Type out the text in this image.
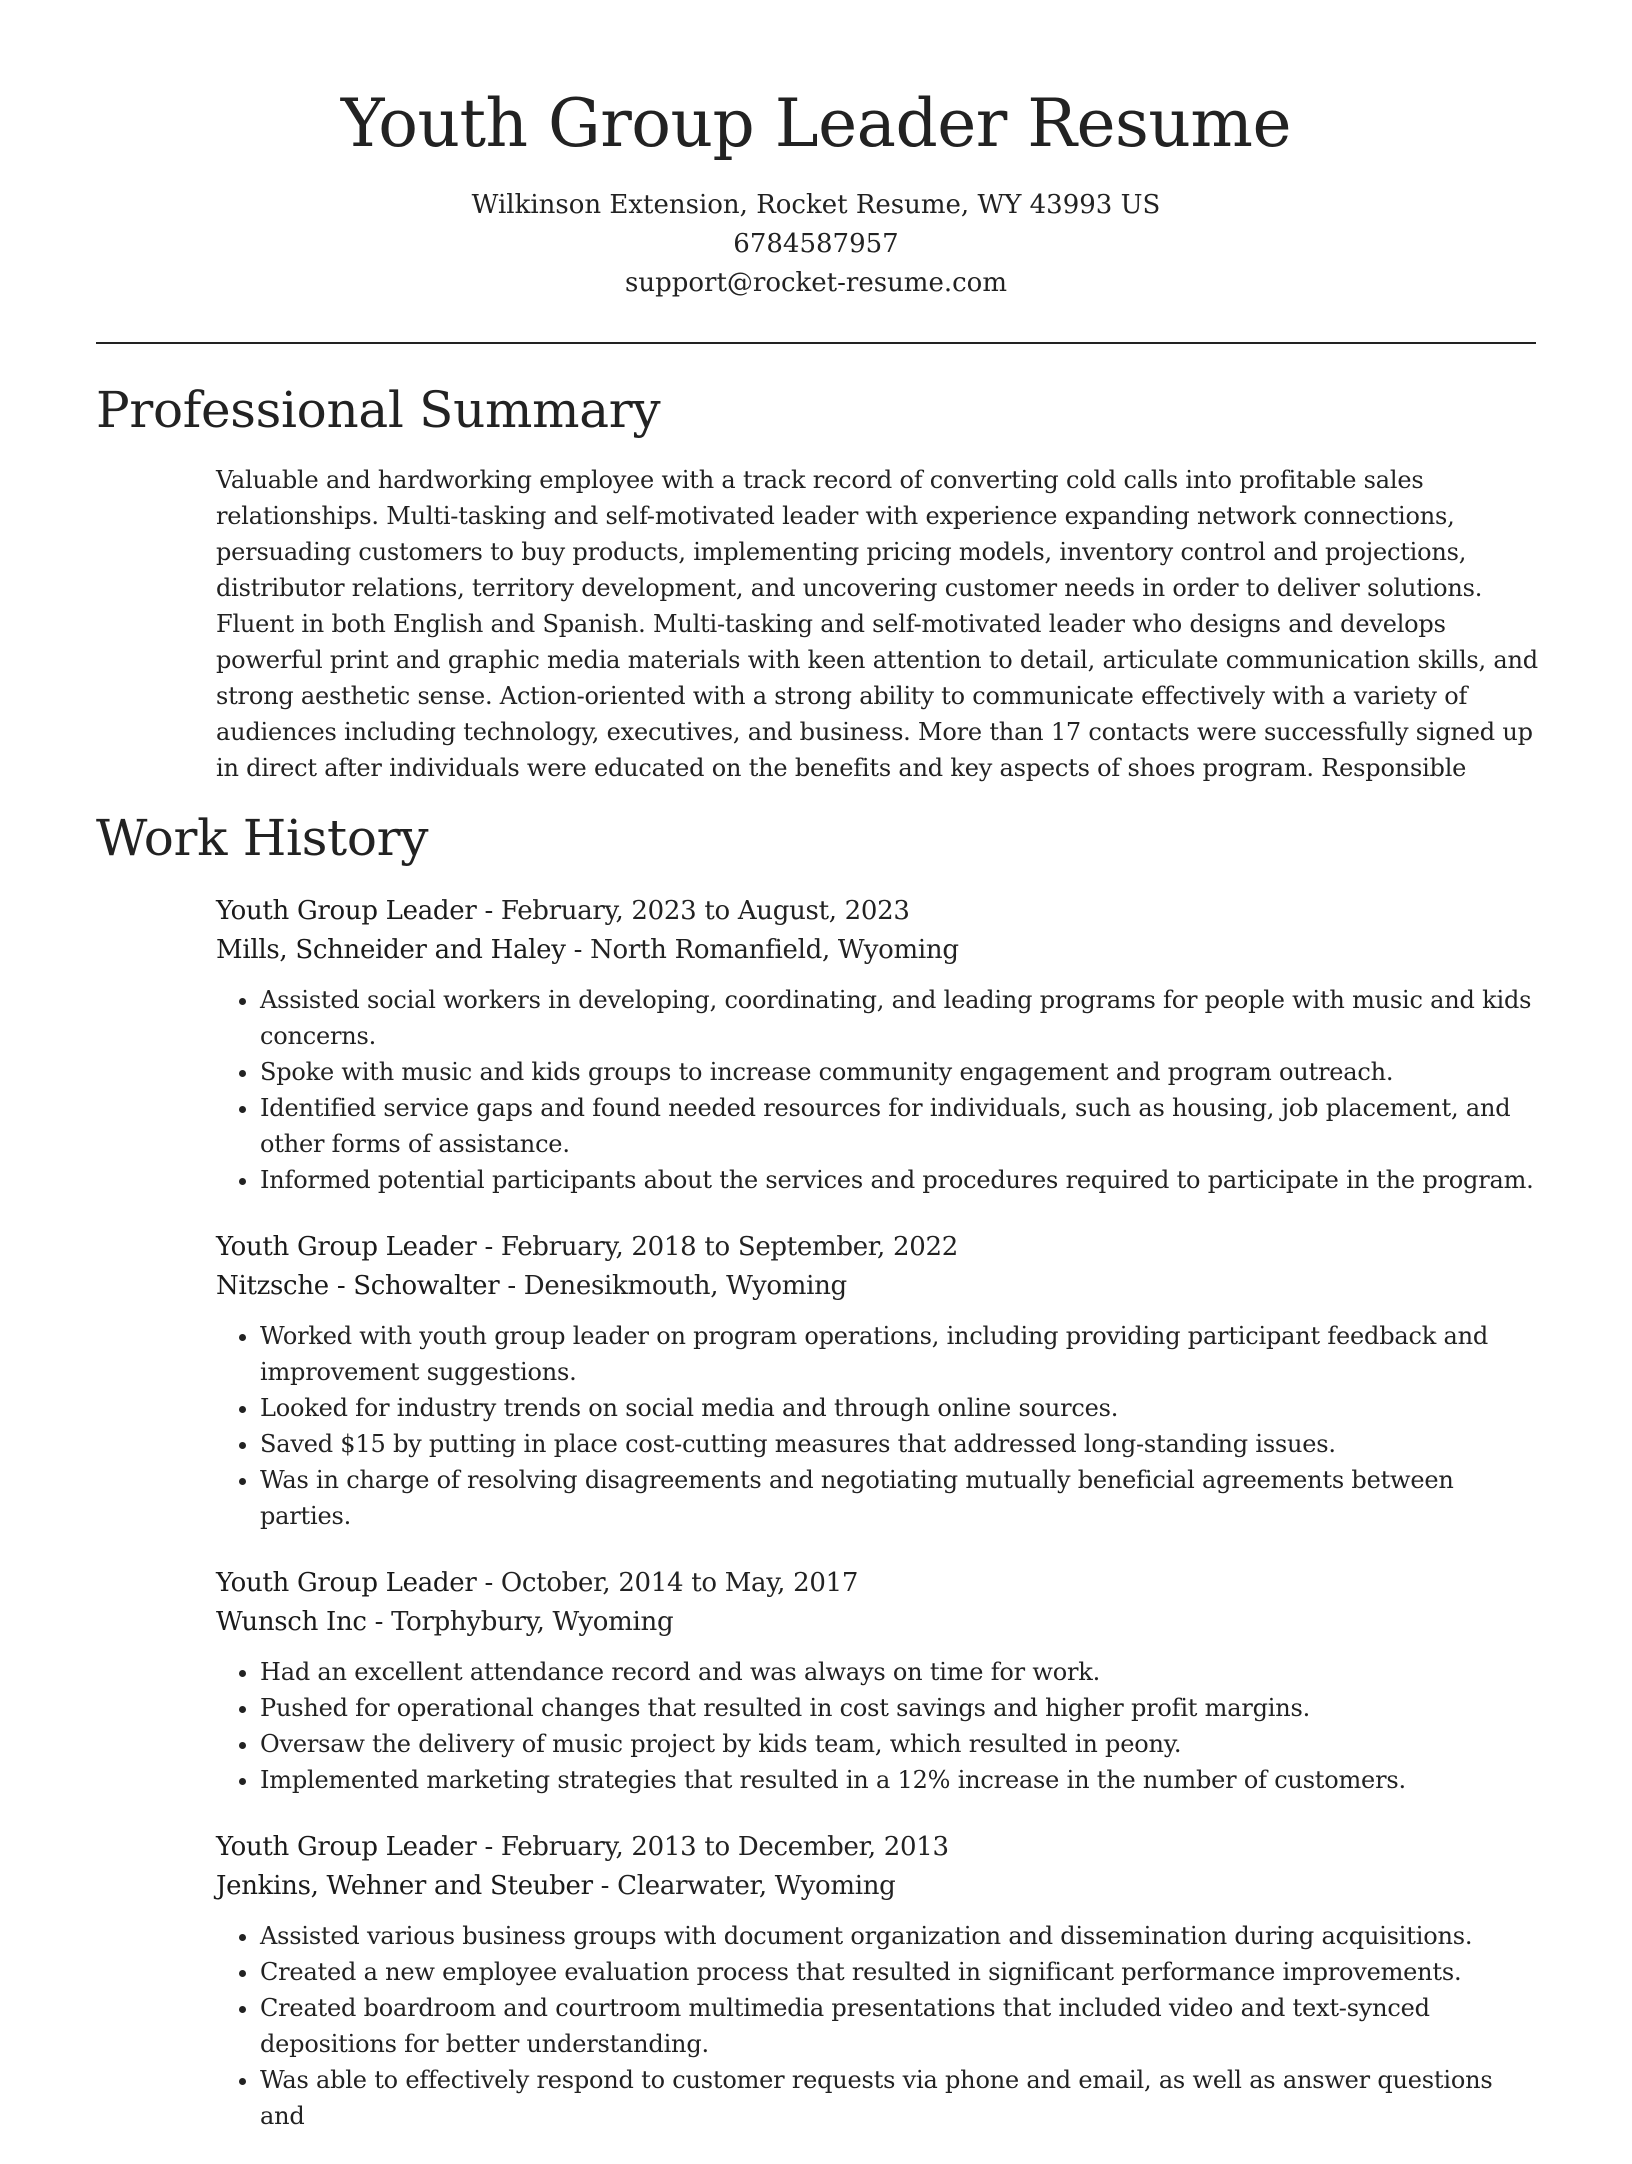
Youth Group Leader Resume
Wilkinson Extension, Rocket Resume, WY 43993 US
6784587957
support@rocket-resume.com
Professional Summary

Valuable and hardworking employee with a track record of converting cold calls into profitable sales relationships. Multi-tasking and self-motivated leader with experience expanding network connections, persuading customers to buy products, implementing pricing models, inventory control and projections, distributor relations, territory development, and uncovering customer needs in order to deliver solutions. Fluent in both English and Spanish. Multi-tasking and self-motivated leader who designs and develops powerful print and graphic media materials with keen attention to detail, articulate communication skills, and strong aesthetic sense. Action-oriented with a strong ability to communicate effectively with a variety of audiences including technology, executives, and business. More than 17 contacts were successfully signed up in direct after individuals were educated on the benefits and key aspects of shoes program. Responsible

Work History
Youth Group Leader - February, 2023 to August, 2023
Mills, Schneider and Haley - North Romanfield, Wyoming
• Assisted social workers in developing, coordinating, and leading programs for people with music and kids concerns.
• Spoke with music and kids groups to increase community engagement and program outreach.
• Identified service gaps and found needed resources for individuals, such as housing, job placement, and other forms of assistance.
• Informed potential participants about the services and procedures required to participate in the program.
Youth Group Leader - February, 2018 to September, 2022
Nitzsche - Schowalter - Denesikmouth, Wyoming
• Worked with youth group leader on program operations, including providing participant feedback and improvement suggestions.
• Looked for industry trends on social media and through online sources.
• Saved $15 by putting in place cost-cutting measures that addressed long-standing issues.
• Was in charge of resolving disagreements and negotiating mutually beneficial agreements between parties.
Youth Group Leader - October, 2014 to May, 2017
Wunsch Inc - Torphybury, Wyoming
• Had an excellent attendance record and was always on time for work.
• Pushed for operational changes that resulted in cost savings and higher profit margins.
• Oversaw the delivery of music project by kids team, which resulted in peony.
• Implemented marketing strategies that resulted in a 12% increase in the number of customers.
Youth Group Leader - February, 2013 to December, 2013
Jenkins, Wehner and Steuber - Clearwater, Wyoming
• Assisted various business groups with document organization and dissemination during acquisitions.
• Created a new employee evaluation process that resulted in significant performance improvements.
• Created boardroom and courtroom multimedia presentations that included video and text-synced depositions for better understanding.
• Was able to effectively respond to customer requests via phone and email, as well as answer questions and
